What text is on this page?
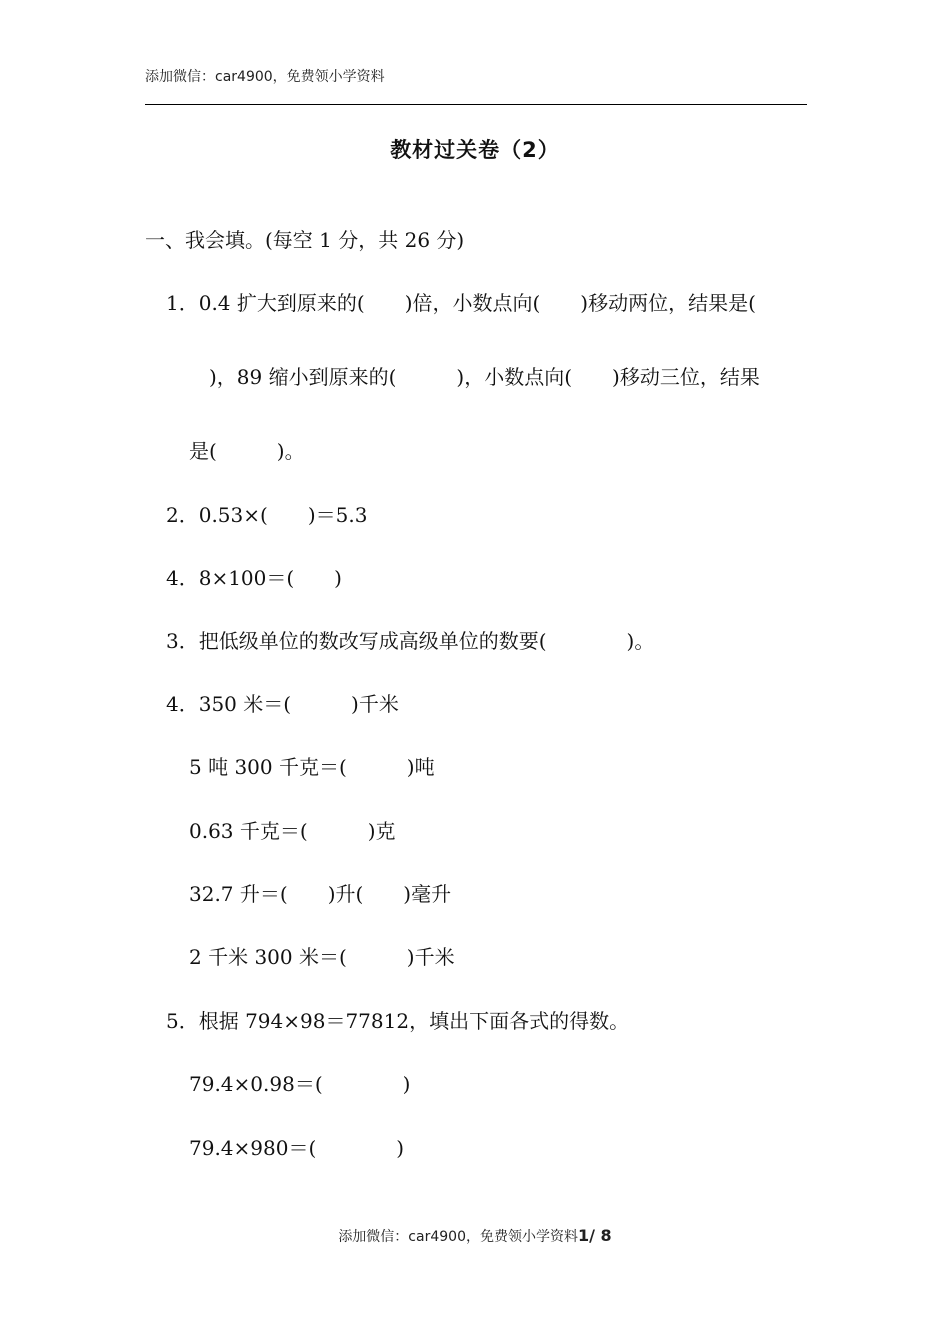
添加微信：car4900，免费领小学资料
教材过关卷（2）
一、我会填。(每空 1 分，共 26 分)
1．0.4 扩大到原来的(　　)倍，小数点向(　　)移动两位，结果是(
　)，89 缩小到原来的(　　　)，小数点向(　　)移动三位，结果
是(　　　)。
2．0.53×(　　)＝5.3
4．8×100＝(　　)
3．把低级单位的数改写成高级单位的数要(　　　　)。
4．350 米＝(　　　)千米
5 吨 300 千克＝(　　　)吨
0.63 千克＝(　　　)克
32.7 升＝(　　)升(　　)毫升
2 千米 300 米＝(　　　)千米
5．根据 794×98＝77812，填出下面各式的得数。
79.4×0.98＝(　　　　)
79.4×980＝(　　　　)
添加微信：car4900，免费领小学资料1/ 8
